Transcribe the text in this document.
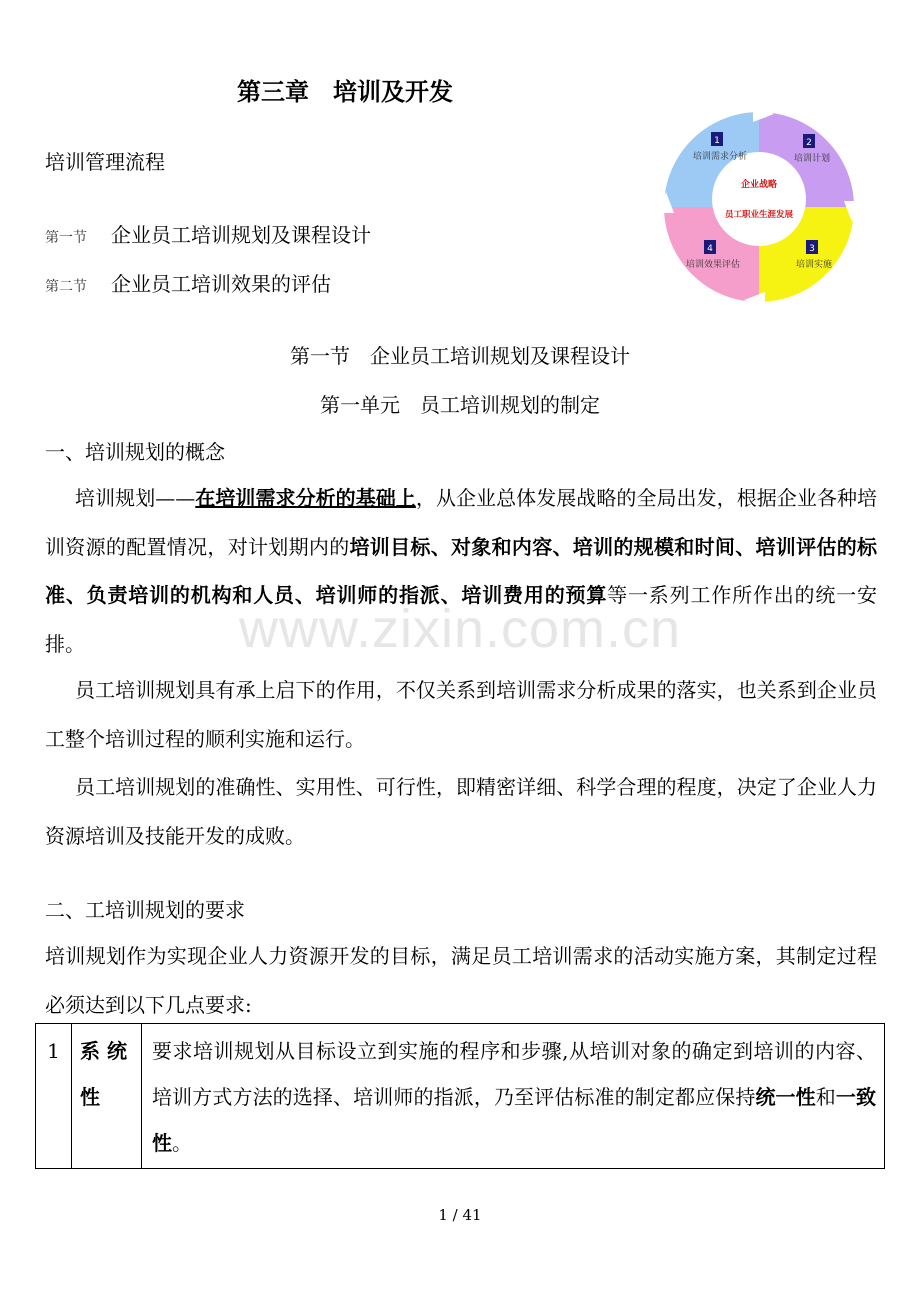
第三章　培训及开发
培训管理流程
第一节 企业员工培训规划及课程设计
第二节 企业员工培训效果的评估
企业战略
员工职业生涯发展
1
培训需求分析
2
培训计划
3
培训实施
4
培训效果评估
第一节　企业员工培训规划及课程设计
第一单元　员工培训规划的制定
一、培训规划的概念
培训规划——在培训需求分析的基础上，从企业总体发展战略的全局出发，根据企业各种培训资源的配置情况，对计划期内的培训目标、对象和内容、培训的规模和时间、培训评估的标准、负责培训的机构和人员、培训师的指派、培训费用的预算等一系列工作所作出的统一安排。	www.zixin.com.cn
员工培训规划具有承上启下的作用，不仅关系到培训需求分析成果的落实，也关系到企业员工整个培训过程的顺利实施和运行。
员工培训规划的准确性、实用性、可行性，即精密详细、科学合理的程度，决定了企业人力资源培训及技能开发的成败。
二、工培训规划的要求
培训规划作为实现企业人力资源开发的目标，满足员工培训需求的活动实施方案，其制定过程必须达到以下几点要求:
1	系 统性
要求培训规划从目标设立到实施的程序和步骤,从培训对象的确定到培训的内容、培训方式方法的选择、培训师的指派，乃至评估标准的制定都应保持统一性和一致性。
1 / 41
